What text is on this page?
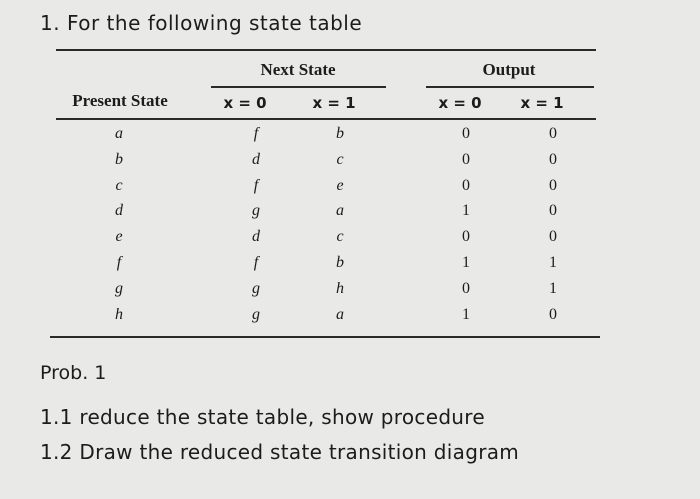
1. For the following state table
Next State	Output
Present State	x = 0	x = 1	x = 0	x = 1
a	f	b	0	0
b	d	c	0	0
c	f	e	0	0
d	g	a	1	0
e	d	c	0	0
f	f	b	1	1
g	g	h	0	1
h	g	a	1	0
Prob. 1
1.1 reduce the state table, show procedure
1.2 Draw the reduced state transition diagram
